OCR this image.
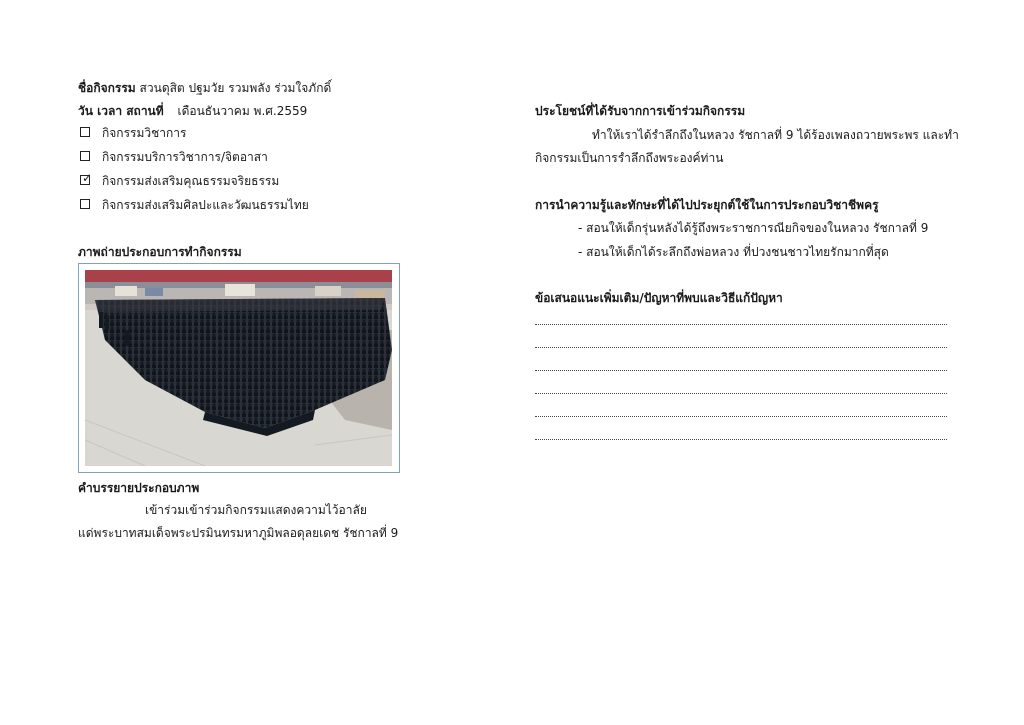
ชื่อกิจกรรม สวนดุสิต ปฐมวัย รวมพลัง ร่วมใจภักดิ์
วัน เวลา สถานที่ เดือนธันวาคม พ.ศ.2559
กิจกรรมวิชาการ
กิจกรรมบริการวิชาการ/จิตอาสา
✓ กิจกรรมส่งเสริมคุณธรรมจริยธรรม
กิจกรรมส่งเสริมศิลปะและวัฒนธรรมไทย
ภาพถ่ายประกอบการทำกิจกรรม
คำบรรยายประกอบภาพ
เข้าร่วมเข้าร่วมกิจกรรมแสดงความไว้อาลัย
แด่พระบาทสมเด็จพระปรมินทรมหาภูมิพลอดุลยเดช รัชกาลที่ 9
ประโยชน์ที่ได้รับจากการเข้าร่วมกิจกรรม
ทำให้เราได้รำลึกถึงในหลวง รัชกาลที่ 9 ได้ร้องเพลงถวายพระพร และทำ
กิจกรรมเป็นการรำลึกถึงพระองค์ท่าน
การนำความรู้และทักษะที่ได้ไปประยุกต์ใช้ในการประกอบวิชาชีพครู
- สอนให้เด็กรุ่นหลังได้รู้ถึงพระราชการณียกิจของในหลวง รัชกาลที่ 9
- สอนให้เด็กได้ระลึกถึงพ่อหลวง ที่ปวงชนชาวไทยรักมากที่สุด
ข้อเสนอแนะเพิ่มเติม/ปัญหาที่พบและวิธีแก้ปัญหา
